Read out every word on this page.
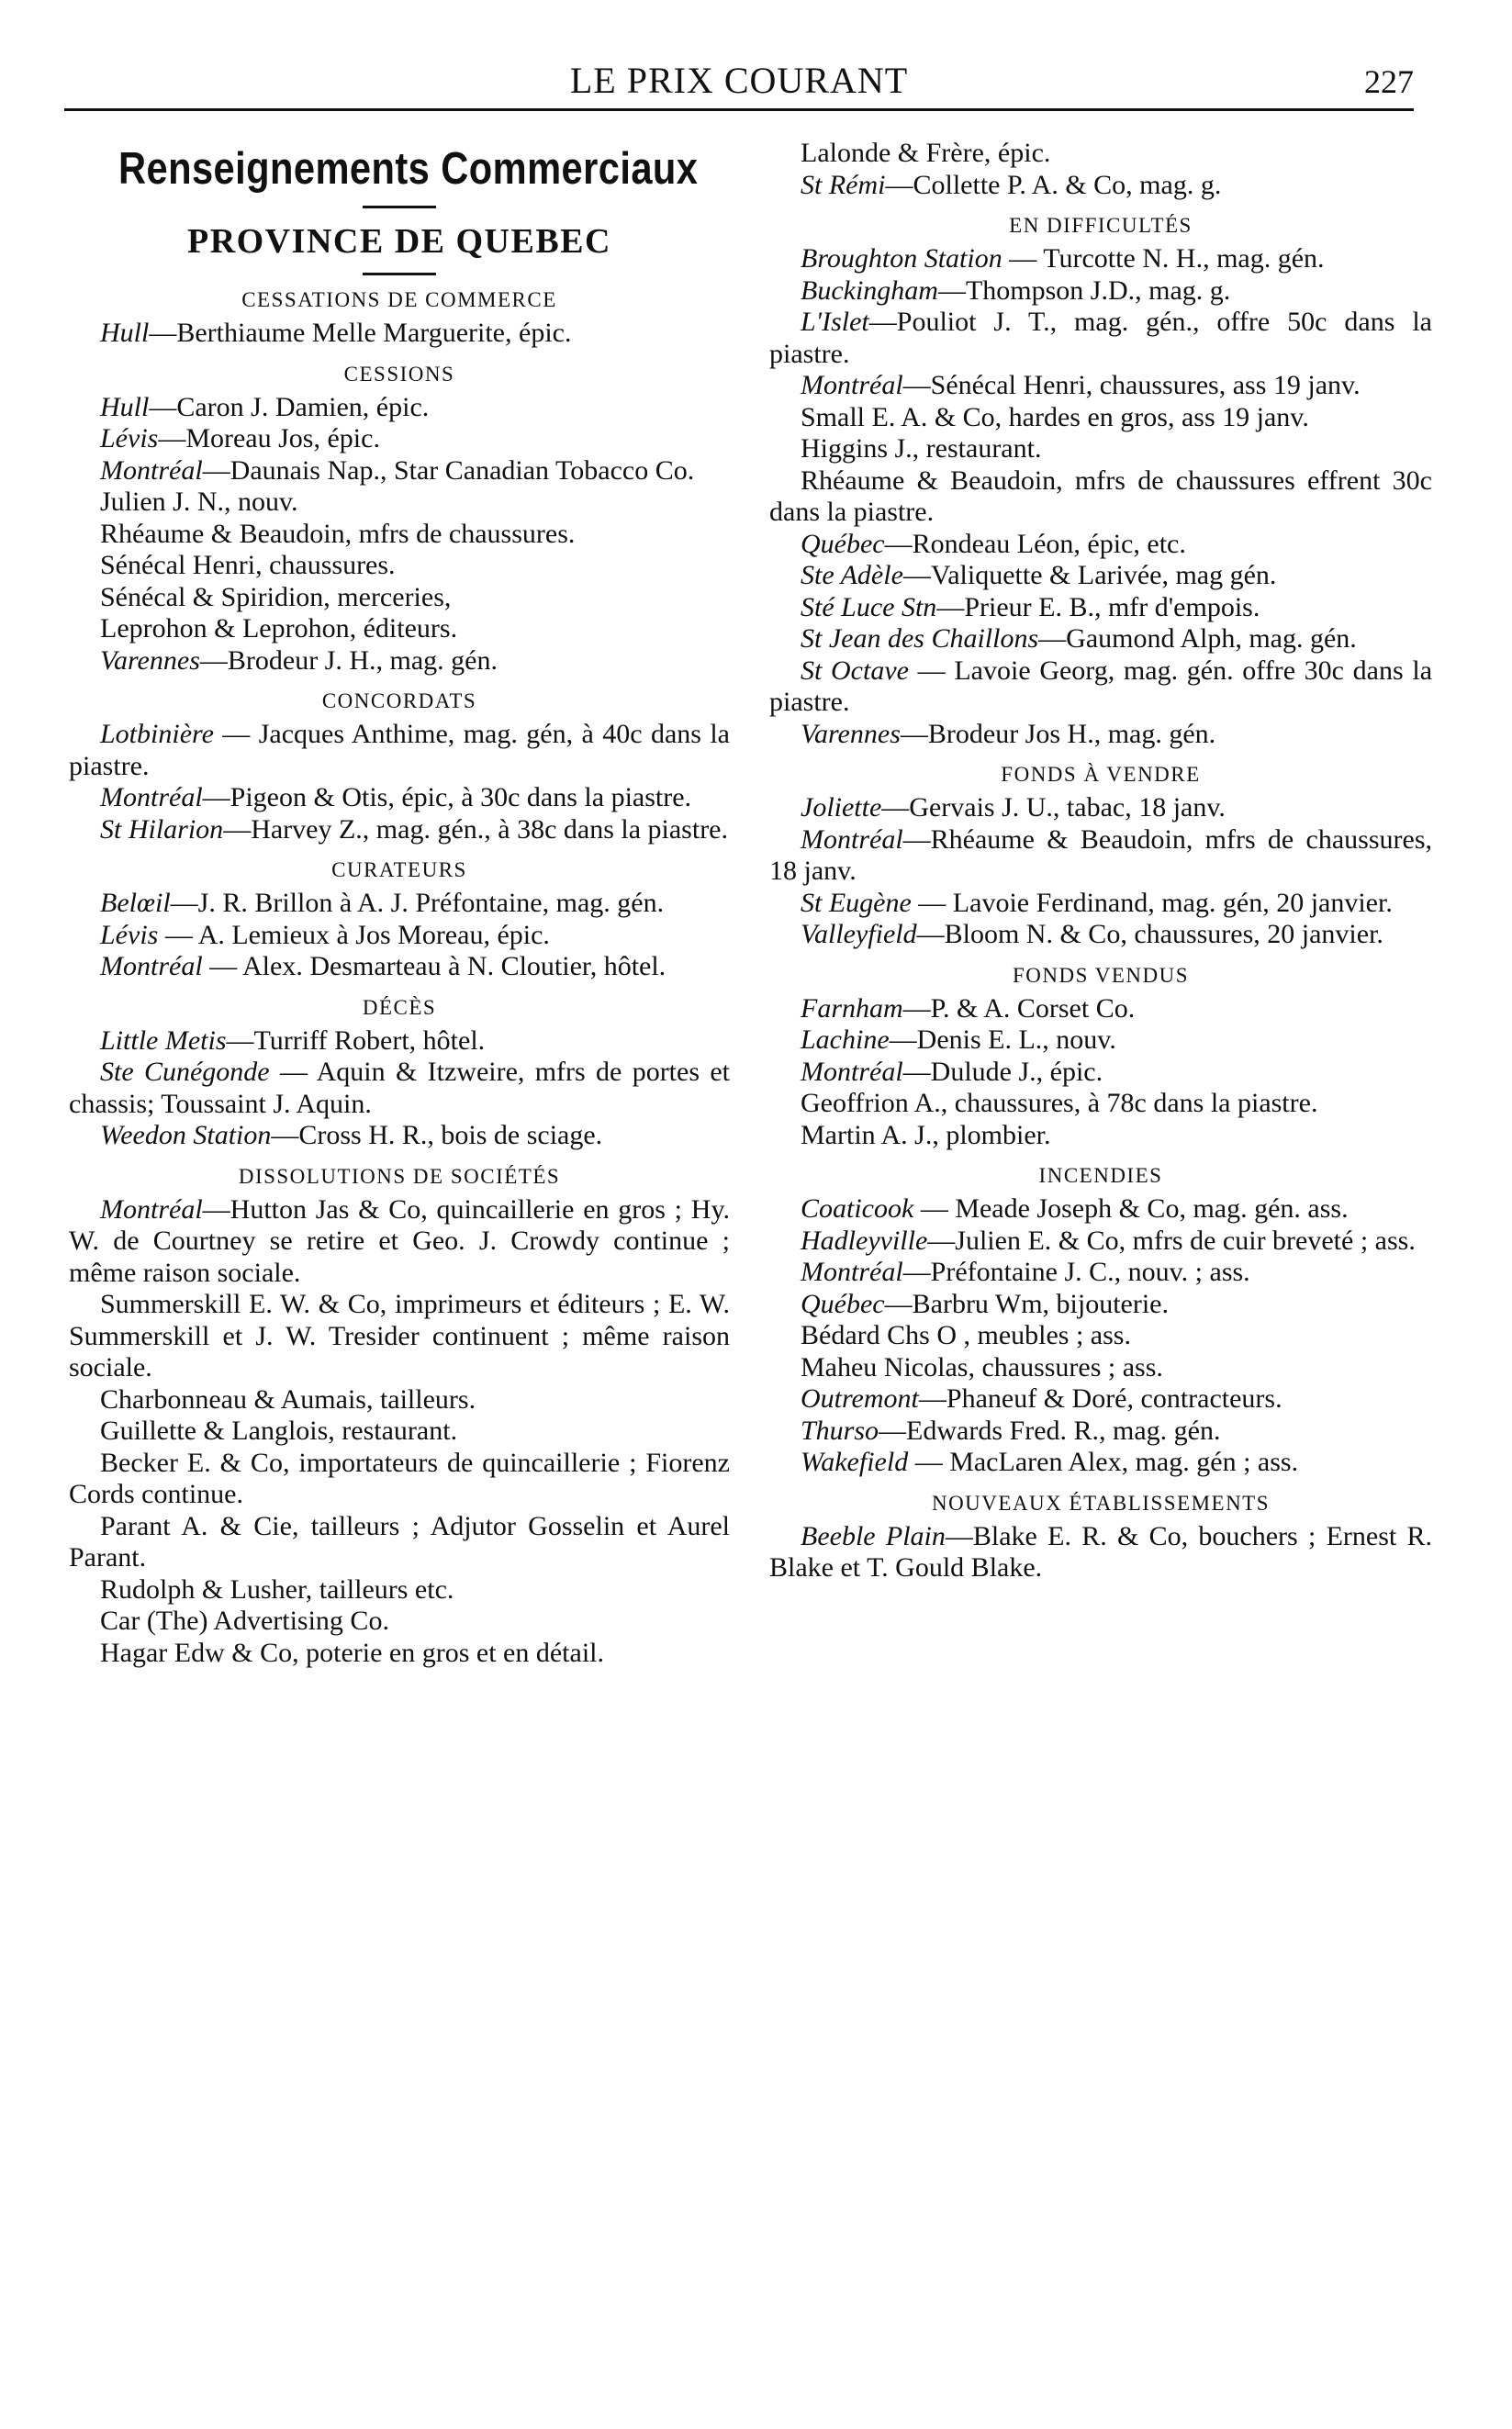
LE PRIX COURANT	227
Renseignements Commerciaux
PROVINCE DE QUEBEC
CESSATIONS DE COMMERCE
Hull—Berthiaume Melle Marguerite, épic.
CESSIONS
Hull—Caron J. Damien, épic.
Lévis—Moreau Jos, épic.
Montréal—Daunais Nap., Star Canadian Tobacco Co.
Julien J. N., nouv.
Rhéaume & Beaudoin, mfrs de chaussures.
Sénécal Henri, chaussures.
Sénécal & Spiridion, merceries,
Leprohon & Leprohon, éditeurs.
Varennes—Brodeur J. H., mag. gén.
CONCORDATS
Lotbinière — Jacques Anthime, mag. gén, à 40c dans la piastre.
Montréal—Pigeon & Otis, épic, à 30c dans la piastre.
St Hilarion—Harvey Z., mag. gén., à 38c dans la piastre.
CURATEURS
Belœil—J. R. Brillon à A. J. Préfontaine, mag. gén.
Lévis — A. Lemieux à Jos Moreau, épic.
Montréal — Alex. Desmarteau à N. Cloutier, hôtel.
DÉCÈS
Little Metis—Turriff Robert, hôtel.
Ste Cunégonde — Aquin & Itzweire, mfrs de portes et chassis; Toussaint J. Aquin.
Weedon Station—Cross H. R., bois de sciage.
DISSOLUTIONS DE SOCIÉTÉS
Montréal—Hutton Jas & Co, quincaillerie en gros ; Hy. W. de Courtney se retire et Geo. J. Crowdy continue ; même raison sociale.
Summerskill E. W. & Co, imprimeurs et éditeurs ; E. W. Summerskill et J. W. Tresider continuent ; même raison sociale.
Charbonneau & Aumais, tailleurs.
Guillette & Langlois, restaurant.
Becker E. & Co, importateurs de quincaillerie ; Fiorenz Cords continue.
Parant A. & Cie, tailleurs ; Adjutor Gosselin et Aurel Parant.
Rudolph & Lusher, tailleurs etc.
Car (The) Advertising Co.
Hagar Edw & Co, poterie en gros et en détail.
Lalonde & Frère, épic.
St Rémi—Collette P. A. & Co, mag. g.
EN DIFFICULTÉS
Broughton Station — Turcotte N. H., mag. gén.
Buckingham—Thompson J.D., mag. g.
L'Islet—Pouliot J. T., mag. gén., offre 50c dans la piastre.
Montréal—Sénécal Henri, chaussures, ass 19 janv.
Small E. A. & Co, hardes en gros, ass 19 janv.
Higgins J., restaurant.
Rhéaume & Beaudoin, mfrs de chaussures effrent 30c dans la piastre.
Québec—Rondeau Léon, épic, etc.
Ste Adèle—Valiquette & Larivée, mag gén.
Sté Luce Stn—Prieur E. B., mfr d'empois.
St Jean des Chaillons—Gaumond Alph, mag. gén.
St Octave — Lavoie Georg, mag. gén. offre 30c dans la piastre.
Varennes—Brodeur Jos H., mag. gén.
FONDS À VENDRE
Joliette—Gervais J. U., tabac, 18 janv.
Montréal—Rhéaume & Beaudoin, mfrs de chaussures, 18 janv.
St Eugène — Lavoie Ferdinand, mag. gén, 20 janvier.
Valleyfield—Bloom N. & Co, chaussures, 20 janvier.
FONDS VENDUS
Farnham—P. & A. Corset Co.
Lachine—Denis E. L., nouv.
Montréal—Dulude J., épic.
Geoffrion A., chaussures, à 78c dans la piastre.
Martin A. J., plombier.
INCENDIES
Coaticook — Meade Joseph & Co, mag. gén. ass.
Hadleyville—Julien E. & Co, mfrs de cuir breveté ; ass.
Montréal—Préfontaine J. C., nouv. ; ass.
Québec—Barbru Wm, bijouterie.
Bédard Chs O , meubles ; ass.
Maheu Nicolas, chaussures ; ass.
Outremont—Phaneuf & Doré, contracteurs.
Thurso—Edwards Fred. R., mag. gén.
Wakefield — MacLaren Alex, mag. gén ; ass.
NOUVEAUX ÉTABLISSEMENTS
Beeble Plain—Blake E. R. & Co, bouchers ; Ernest R. Blake et T. Gould Blake.
